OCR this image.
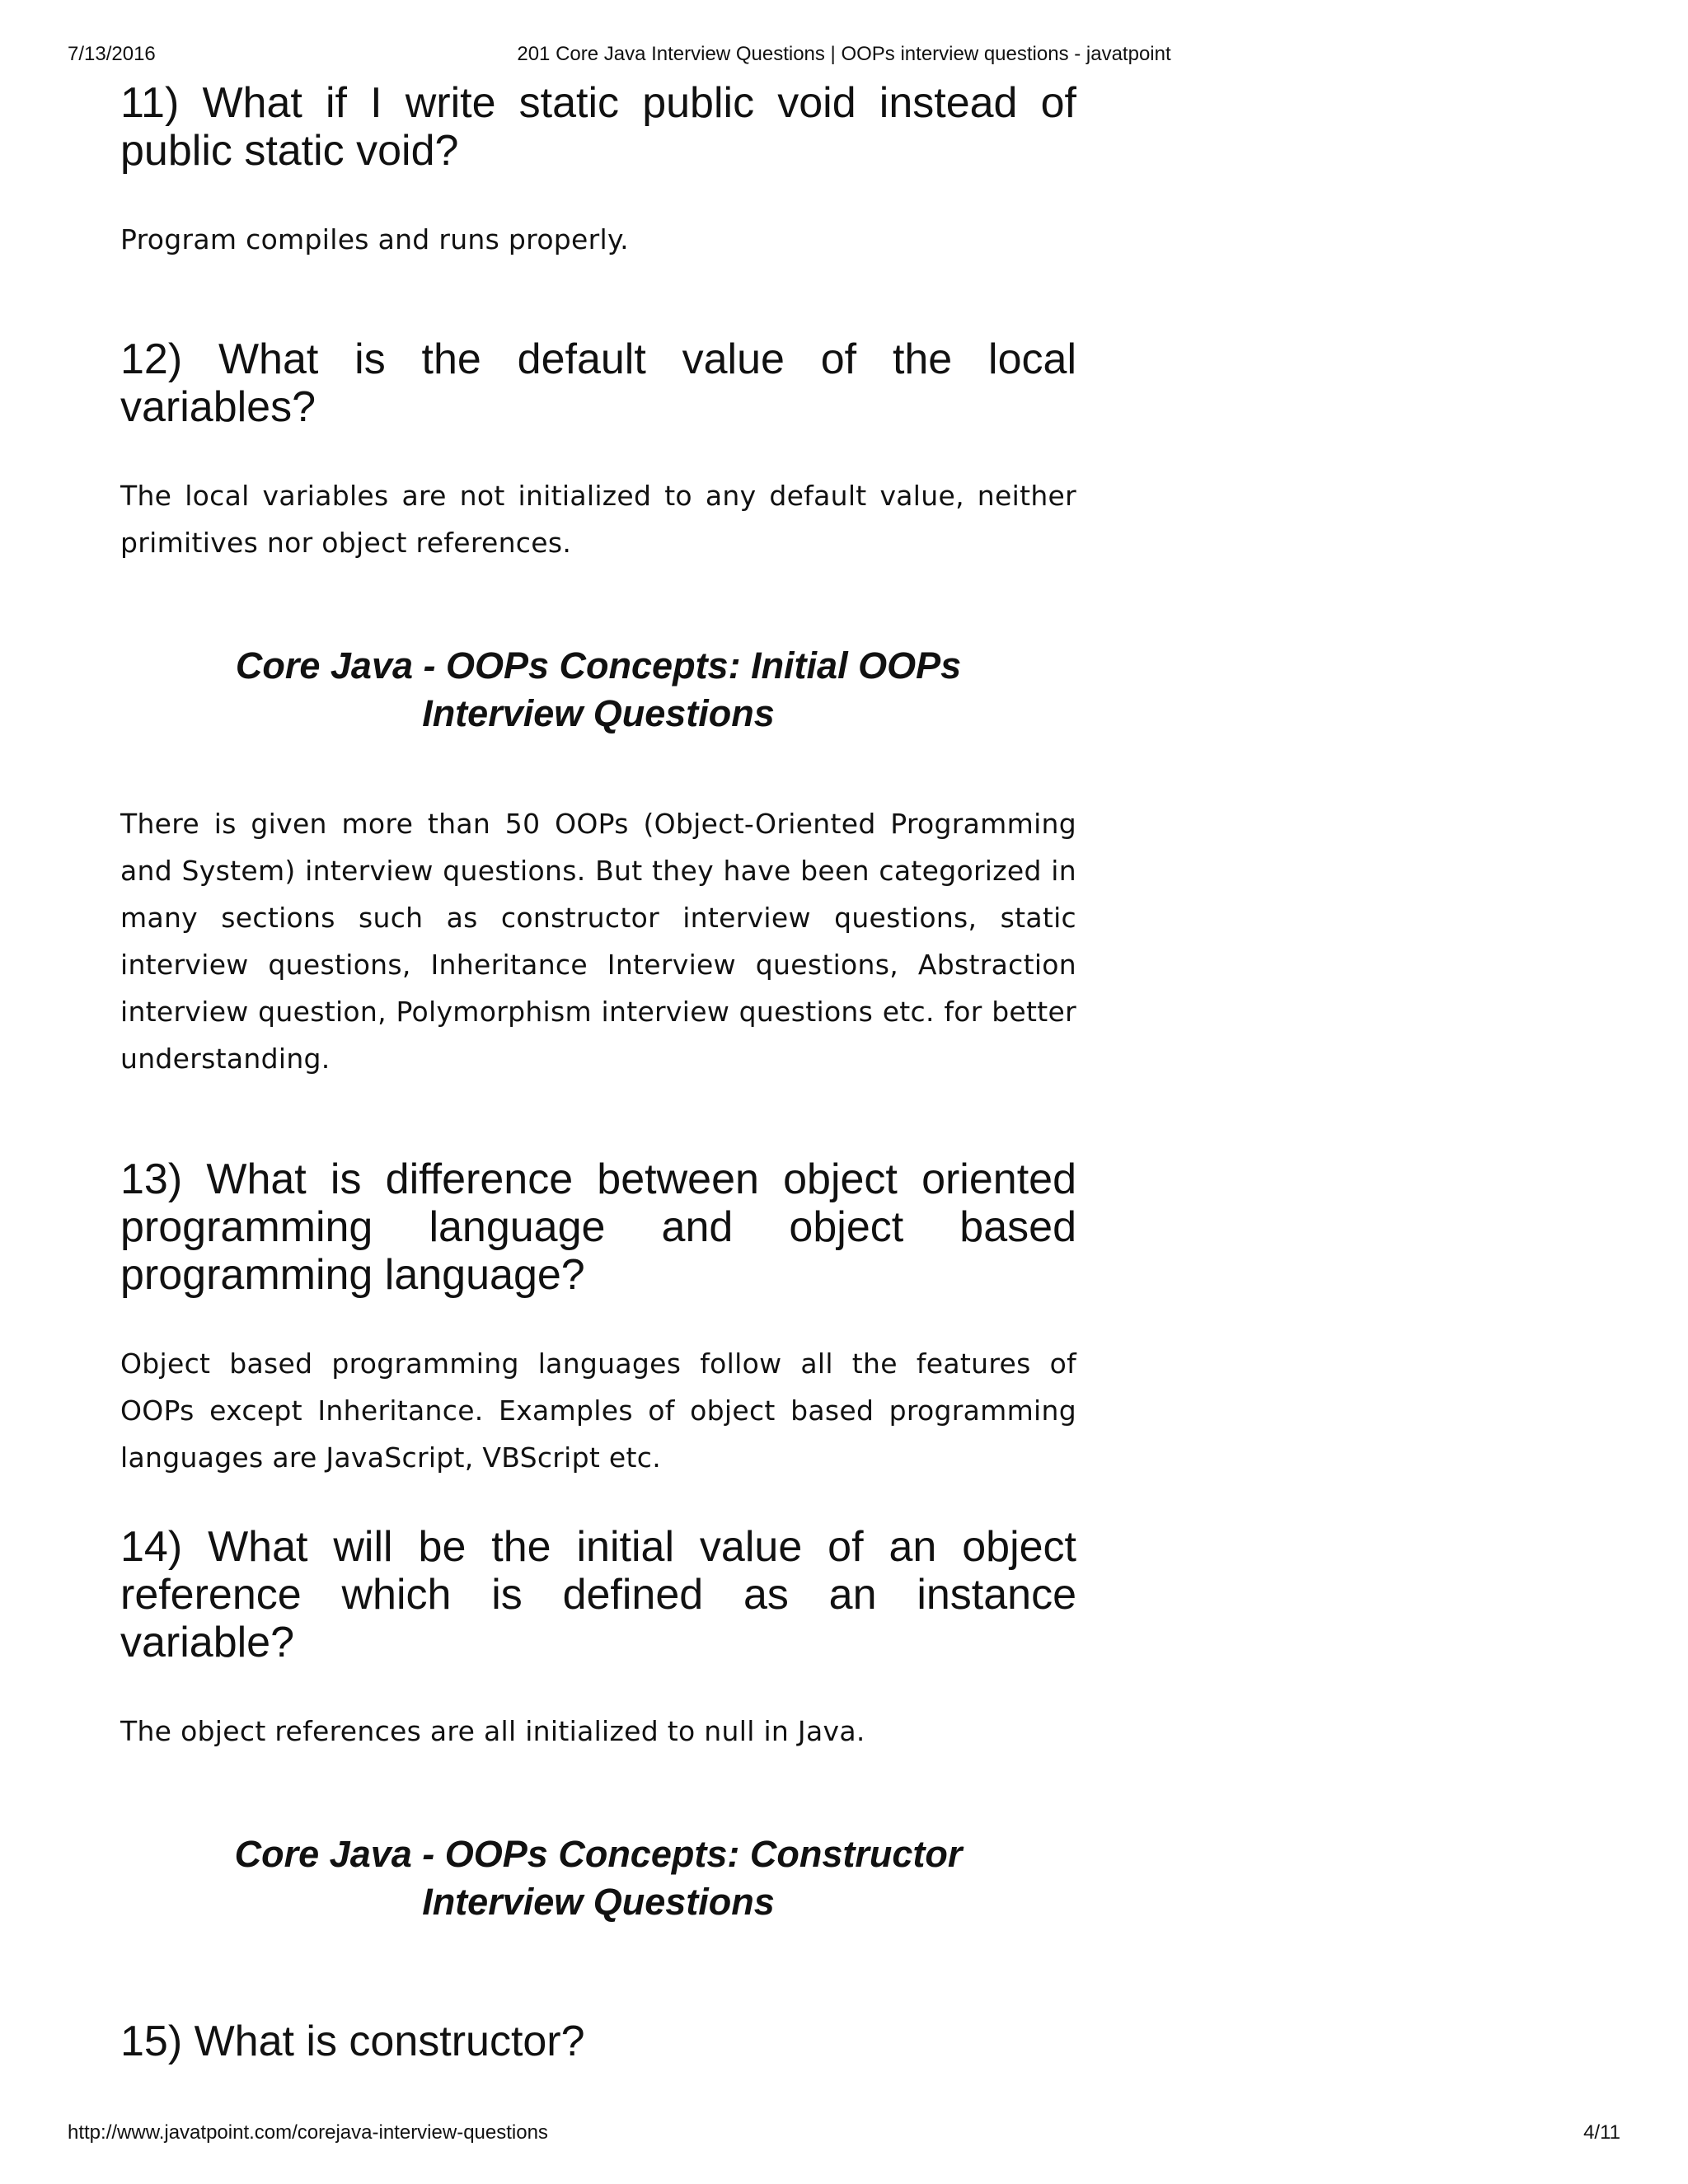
7/13/2016	201 Core Java Interview Questions | OOPs interview questions - javatpoint
11) What if I write static public void instead of public static void?

Program compiles and runs properly.

12) What is the default value of the local variables?

The local variables are not initialized to any default value, neither primitives nor object references.

Core Java - OOPs Concepts: Initial OOPs Interview Questions

There is given more than 50 OOPs (Object-Oriented Programming and System) interview questions. But they have been categorized in many sections such as constructor interview questions, static interview questions, Inheritance Interview questions, Abstraction interview question, Polymorphism interview questions etc. for better understanding.

13) What is difference between object oriented programming language and object based programming language?

Object based programming languages follow all the features of OOPs except Inheritance. Examples of object based programming languages are JavaScript, VBScript etc.

14) What will be the initial value of an object reference which is defined as an instance variable?

The object references are all initialized to null in Java.

Core Java - OOPs Concepts: Constructor Interview Questions
15) What is constructor?
http://www.javatpoint.com/corejava-interview-questions	4/11
